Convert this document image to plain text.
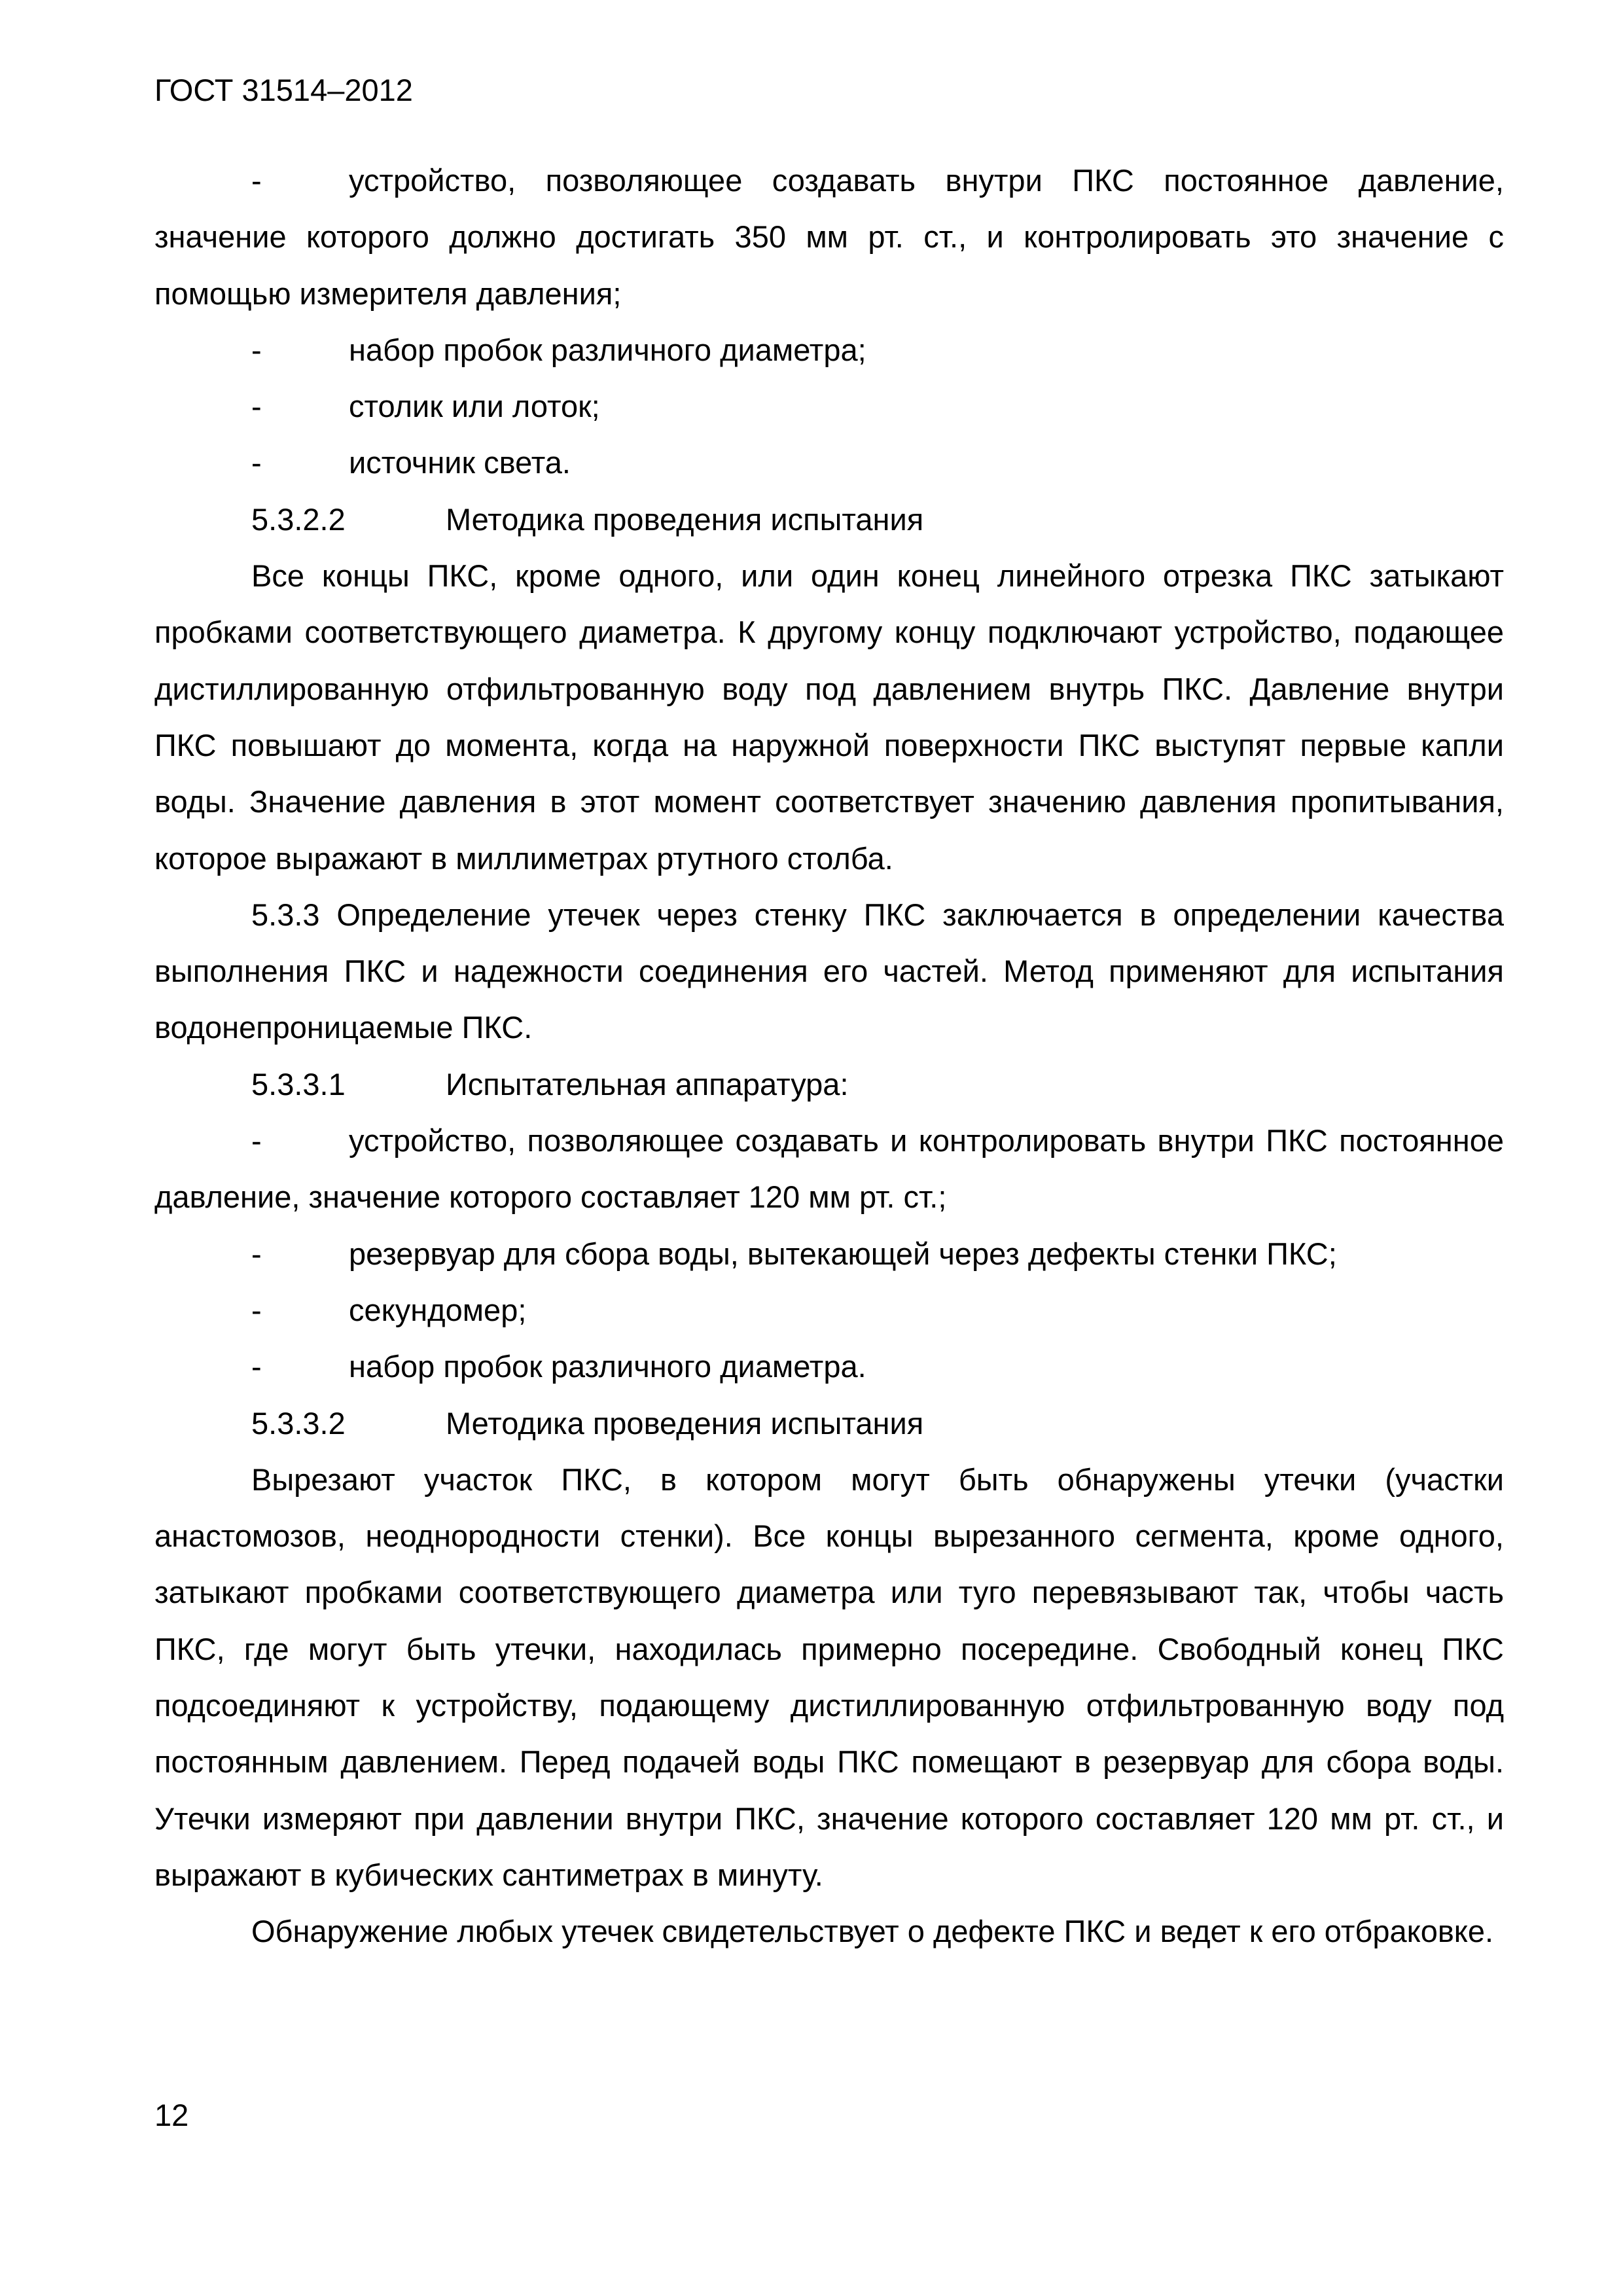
ГОСТ 31514–2012

-	устройство, позволяющее создавать внутри ПКС постоянное давление, значение которого должно достигать 350 мм рт. ст., и контролировать это значение с помощью измерителя давления;

-	набор пробок различного диаметра;

-	столик или лоток;

-	источник света.

5.3.2.2	Методика проведения испытания

Все концы ПКС, кроме одного, или один конец линейного отрезка ПКС затыкают пробками соответствующего диаметра. К другому концу подключают устройство, подающее дистиллированную отфильтрованную воду под давлением внутрь ПКС. Давление внутри ПКС повышают до момента, когда на наружной поверхности ПКС выступят первые капли воды. Значение давления в этот момент соответствует значению давления пропитывания, которое выражают в миллиметрах ртутного столба.

5.3.3 Определение утечек через стенку ПКС заключается в определении качества выполнения ПКС и надежности соединения его частей. Метод применяют для испытания водонепроницаемые ПКС.

5.3.3.1	Испытательная аппаратура:

-	устройство, позволяющее создавать и контролировать внутри ПКС постоянное давление, значение которого составляет 120 мм рт. ст.;

-	резервуар для сбора воды, вытекающей через дефекты стенки ПКС;

-	секундомер;

-	набор пробок различного диаметра.

5.3.3.2	Методика проведения испытания

Вырезают участок ПКС, в котором могут быть обнаружены утечки (участки анастомозов, неоднородности стенки). Все концы вырезанного сегмента, кроме одного, затыкают пробками соответствующего диаметра или туго перевязывают так, чтобы часть ПКС, где могут быть утечки, находилась примерно посередине. Свободный конец ПКС подсоединяют к устройству, подающему дистиллированную отфильтрованную воду под постоянным давлением. Перед подачей воды ПКС помещают в резервуар для сбора воды. Утечки измеряют при давлении внутри ПКС, значение которого составляет 120 мм рт. ст., и выражают в кубических сантиметрах в минуту.

Обнаружение любых утечек свидетельствует о дефекте ПКС и ведет к его отбраковке.

12
